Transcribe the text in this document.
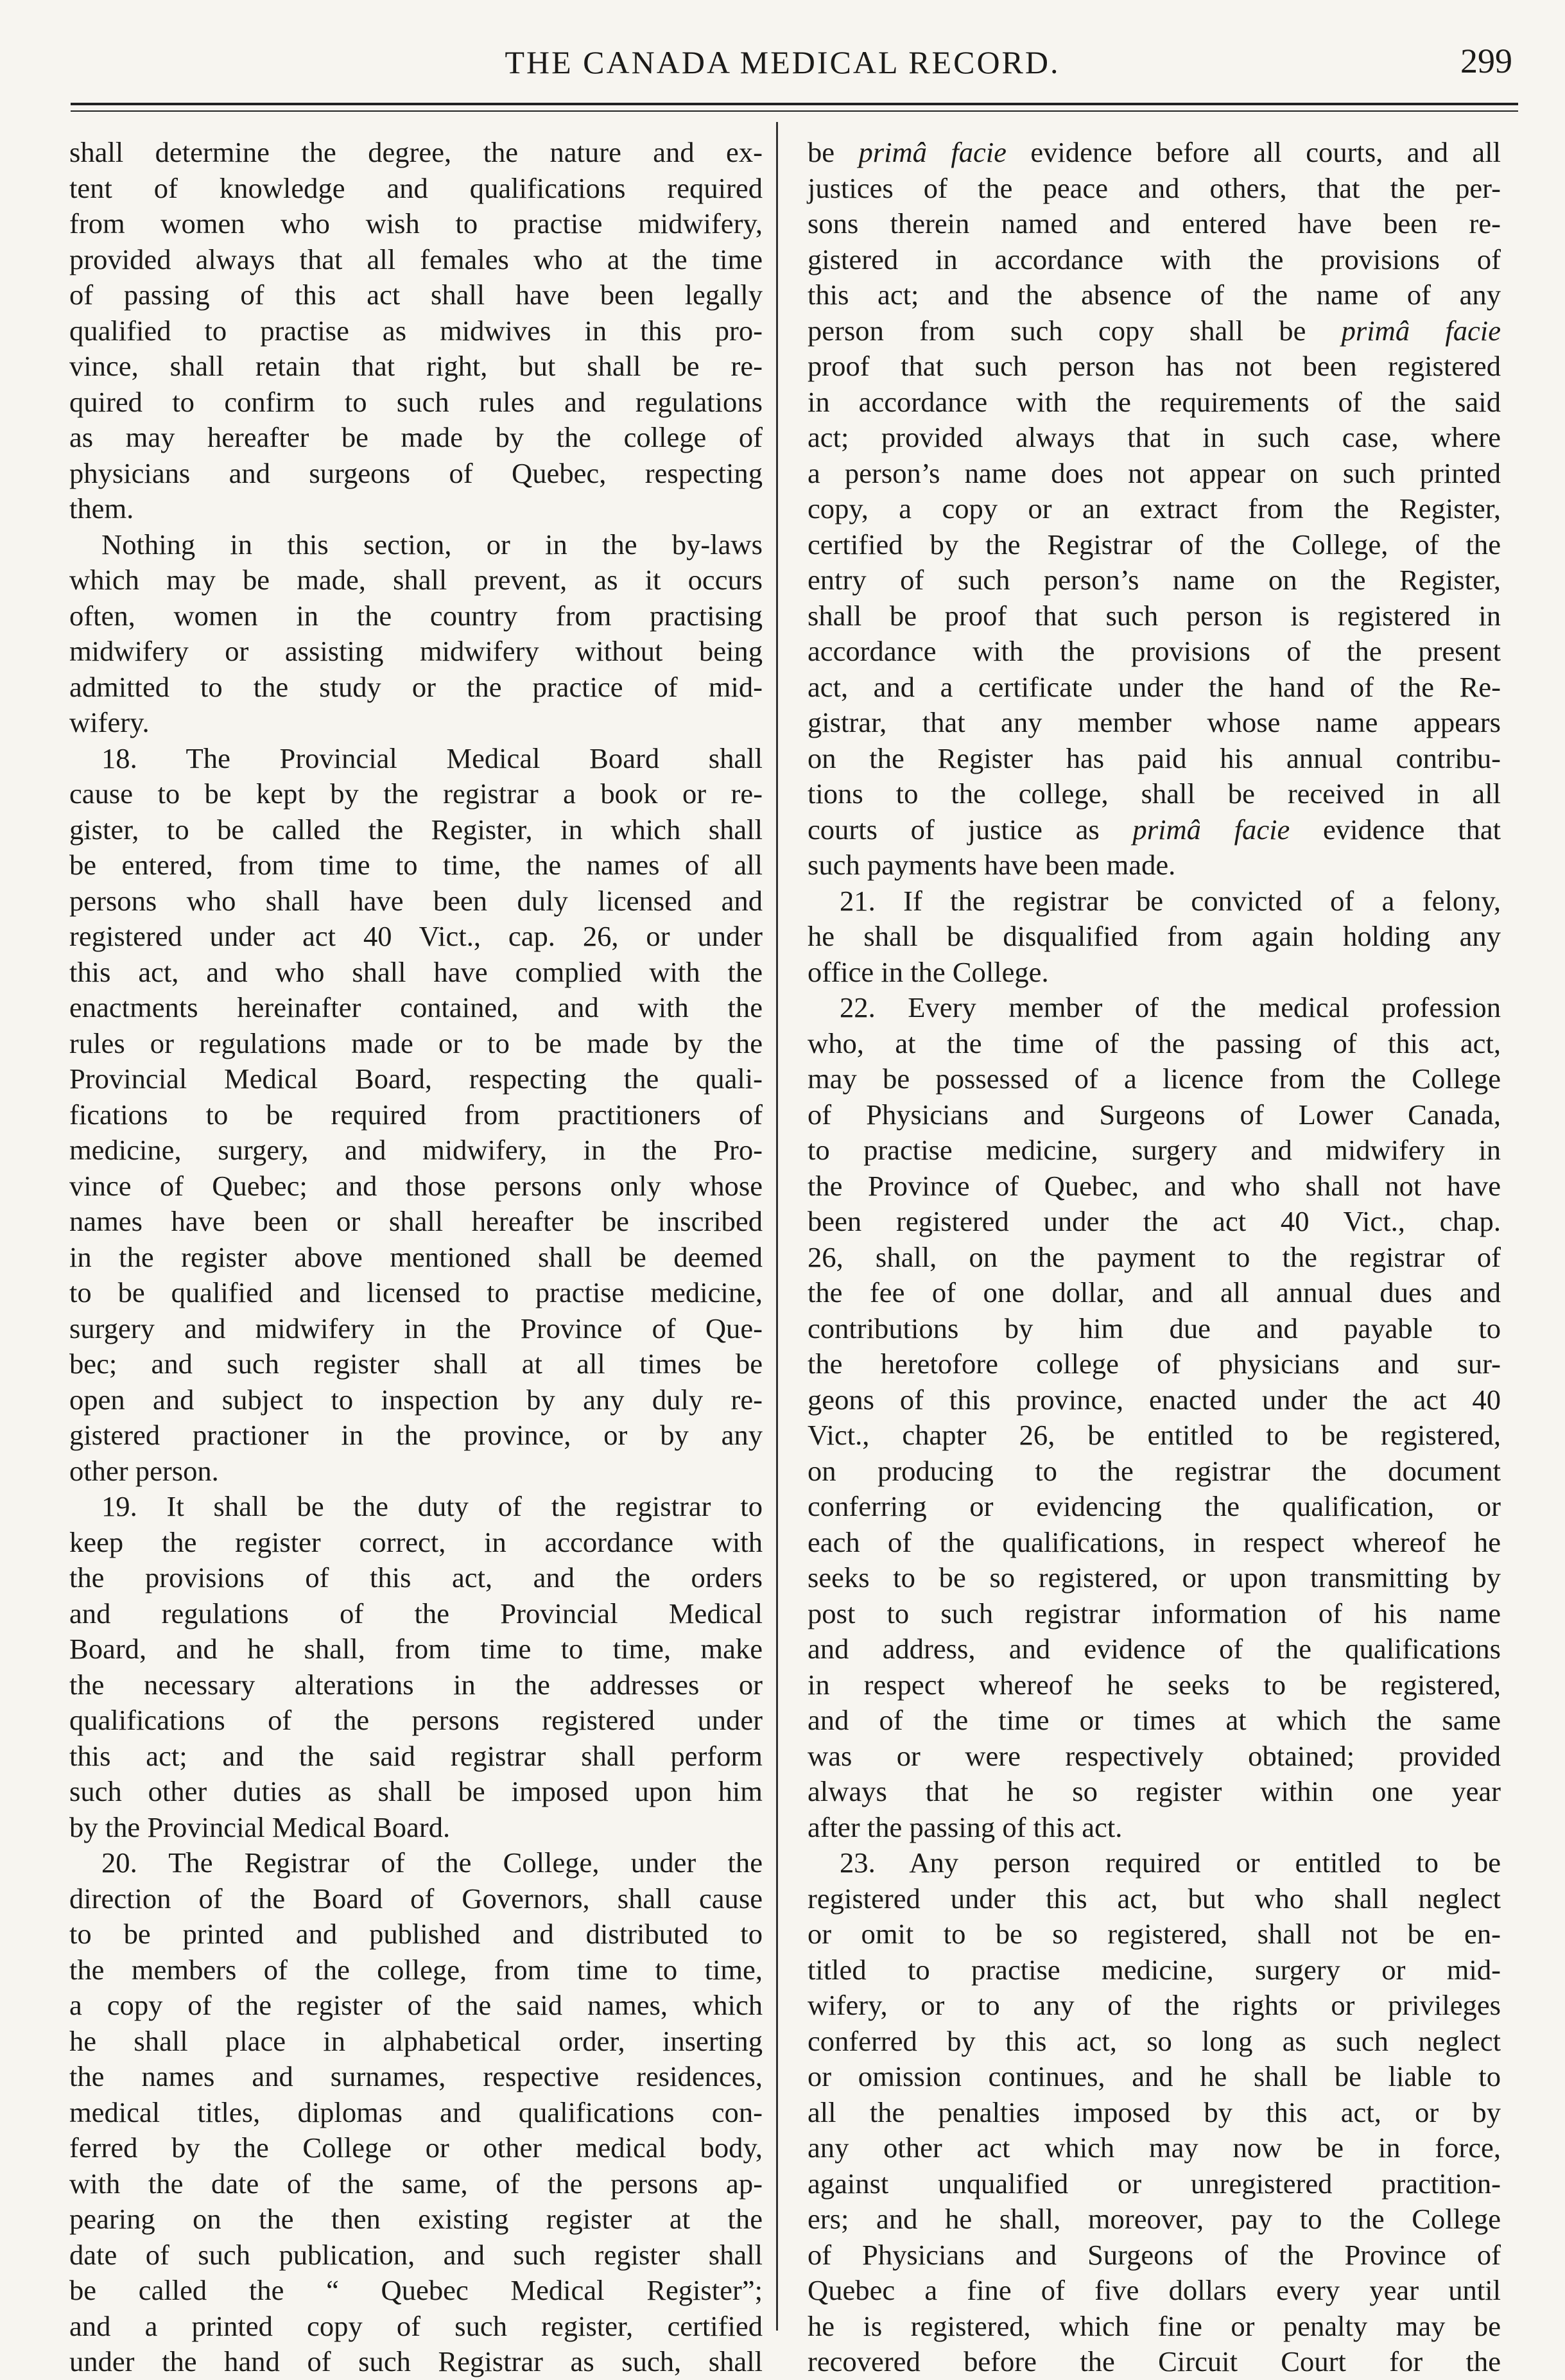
THE CANADA MEDICAL RECORD.	299
shall determine the degree, the nature and ex-
tent of knowledge and qualifications required
from women who wish to practise midwifery,
provided always that all females who at the time
of passing of this act shall have been legally
qualified to practise as midwives in this pro-
vince, shall retain that right, but shall be re-
quired to confirm to such rules and regulations
as may hereafter be made by the college of
physicians and surgeons of Quebec, respecting
them.
Nothing in this section, or in the by-laws
which may be made, shall prevent, as it occurs
often, women in the country from practising
midwifery or assisting midwifery without being
admitted to the study or the practice of mid-
wifery.
18. The Provincial Medical Board shall
cause to be kept by the registrar a book or re-
gister, to be called the Register, in which shall
be entered, from time to time, the names of all
persons who shall have been duly licensed and
registered under act 40 Vict., cap. 26, or under
this act, and who shall have complied with the
enactments hereinafter contained, and with the
rules or regulations made or to be made by the
Provincial Medical Board, respecting the quali-
fications to be required from practitioners of
medicine, surgery, and midwifery, in the Pro-
vince of Quebec; and those persons only whose
names have been or shall hereafter be inscribed
in the register above mentioned shall be deemed
to be qualified and licensed to practise medicine,
surgery and midwifery in the Province of Que-
bec; and such register shall at all times be
open and subject to inspection by any duly re-
gistered practioner in the province, or by any
other person.
19. It shall be the duty of the registrar to
keep the register correct, in accordance with
the provisions of this act, and the orders
and regulations of the Provincial Medical
Board, and he shall, from time to time, make
the necessary alterations in the addresses or
qualifications of the persons registered under
this act; and the said registrar shall perform
such other duties as shall be imposed upon him
by the Provincial Medical Board.
20. The Registrar of the College, under the
direction of the Board of Governors, shall cause
to be printed and published and distributed to
the members of the college, from time to time,
a copy of the register of the said names, which
he shall place in alphabetical order, inserting
the names and surnames, respective residences,
medical titles, diplomas and qualifications con-
ferred by the College or other medical body,
with the date of the same, of the persons ap-
pearing on the then existing register at the
date of such publication, and such register shall
be called the “ Quebec Medical Register”;
and a printed copy of such register, certified
under the hand of such Registrar as such, shall
be primâ facie evidence before all courts, and all
justices of the peace and others, that the per-
sons therein named and entered have been re-
gistered in accordance with the provisions of
this act; and the absence of the name of any
person from such copy shall be primâ facie
proof that such person has not been registered
in accordance with the requirements of the said
act; provided always that in such case, where
a person’s name does not appear on such printed
copy, a copy or an extract from the Register,
certified by the Registrar of the College, of the
entry of such person’s name on the Register,
shall be proof that such person is registered in
accordance with the provisions of the present
act, and a certificate under the hand of the Re-
gistrar, that any member whose name appears
on the Register has paid his annual contribu-
tions to the college, shall be received in all
courts of justice as primâ facie evidence that
such payments have been made.
21. If the registrar be convicted of a felony,
he shall be disqualified from again holding any
office in the College.
22. Every member of the medical profession
who, at the time of the passing of this act,
may be possessed of a licence from the College
of Physicians and Surgeons of Lower Canada,
to practise medicine, surgery and midwifery in
the Province of Quebec, and who shall not have
been registered under the act 40 Vict., chap.
26, shall, on the payment to the registrar of
the fee of one dollar, and all annual dues and
contributions by him due and payable to
the heretofore college of physicians and sur-
geons of this province, enacted under the act 40
Vict., chapter 26, be entitled to be registered,
on producing to the registrar the document
conferring or evidencing the qualification, or
each of the qualifications, in respect whereof he
seeks to be so registered, or upon transmitting by
post to such registrar information of his name
and address, and evidence of the qualifications
in respect whereof he seeks to be registered,
and of the time or times at which the same
was or were respectively obtained; provided
always that he so register within one year
after the passing of this act.
23. Any person required or entitled to be
registered under this act, but who shall neglect
or omit to be so registered, shall not be en-
titled to practise medicine, surgery or mid-
wifery, or to any of the rights or privileges
conferred by this act, so long as such neglect
or omission continues, and he shall be liable to
all the penalties imposed by this act, or by
any other act which may now be in force,
against unqualified or unregistered practition-
ers; and he shall, moreover, pay to the College
of Physicians and Surgeons of the Province of
Quebec a fine of five dollars every year until
he is registered, which fine or penalty may be
recovered before the Circuit Court for the
